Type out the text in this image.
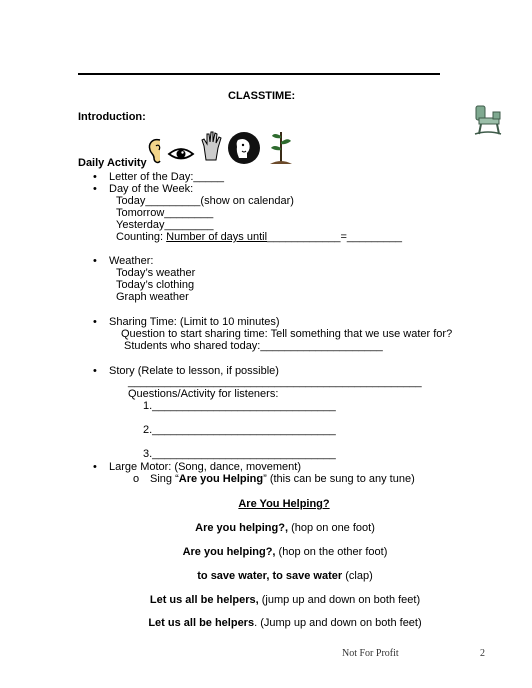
CLASSTIME:
Introduction:
Daily Activity
• Letter of the Day:_____
• Day of the Week:
Today_________(show on calendar)
Tomorrow________
Yesterday________
Counting: Number of days until____________=_________
• Weather:
Today’s weather
Today’s clothing
Graph weather
• Sharing Time: (Limit to 10 minutes)
Question to start sharing time: Tell something that we use water for?
Students who shared today:____________________
• Story (Relate to lesson, if possible)
________________________________________________
Questions/Activity for listeners:
1.______________________________
2.______________________________
3.______________________________
• Large Motor: (Song, dance, movement)
o Sing “Are you Helping” (this can be sung to any tune)
Are You Helping?
Are you helping?, (hop on one foot)
Are you helping?, (hop on the other foot)
to save water, to save water (clap)
Let us all be helpers, (jump up and down on both feet)
Let us all be helpers. (Jump up and down on both feet)
Not For Profit	2
